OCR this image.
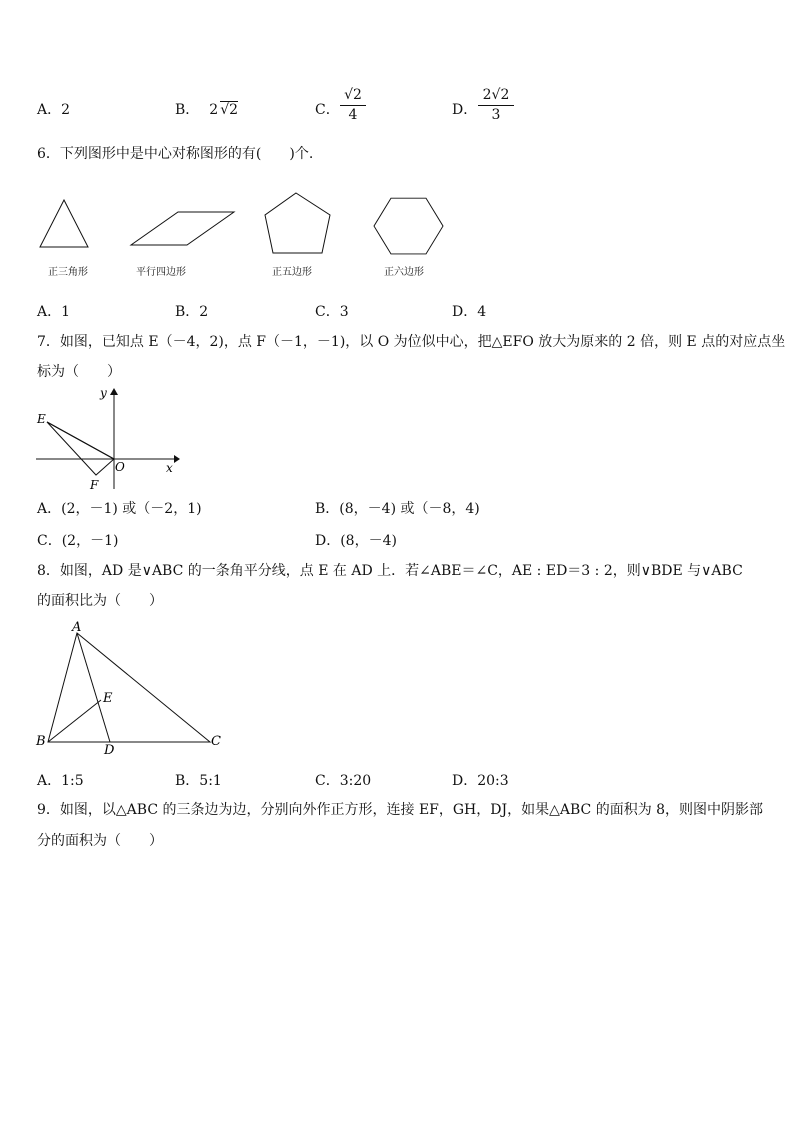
A．2	B． 2 √2	C． $\frac{√2}{4}$	D． $\frac{2√2}{3}$
6．下列图形中是中心对称图形的有(　　)个.
正三角形	平行四边形	正五边形	正六边形
A．1	B．2	C．3	D．4
7．如图，已知点 E（－4，2)，点 F（－1，－1)，以 O 为位似中心，把△EFO 放大为原来的 2 倍，则 E 点的对应点坐
标为（　　）
y
x
O
E
F
A．(2，－1) 或（－2，1)	B．(8，－4) 或（－8，4)
C．(2，－1)	D．(8，－4)
8．如图，AD 是∨ABC 的一条角平分线，点 E 在 AD 上．若∠ABE＝∠C，AE : ED＝3 : 2，则∨BDE 与∨ABC
的面积比为（　　）
A
B	C
D
E
A．1:5	B．5:1	C．3:20	D．20:3
9．如图，以△ABC 的三条边为边，分别向外作正方形，连接 EF，GH，DJ，如果△ABC 的面积为 8，则图中阴影部
分的面积为（　　）
